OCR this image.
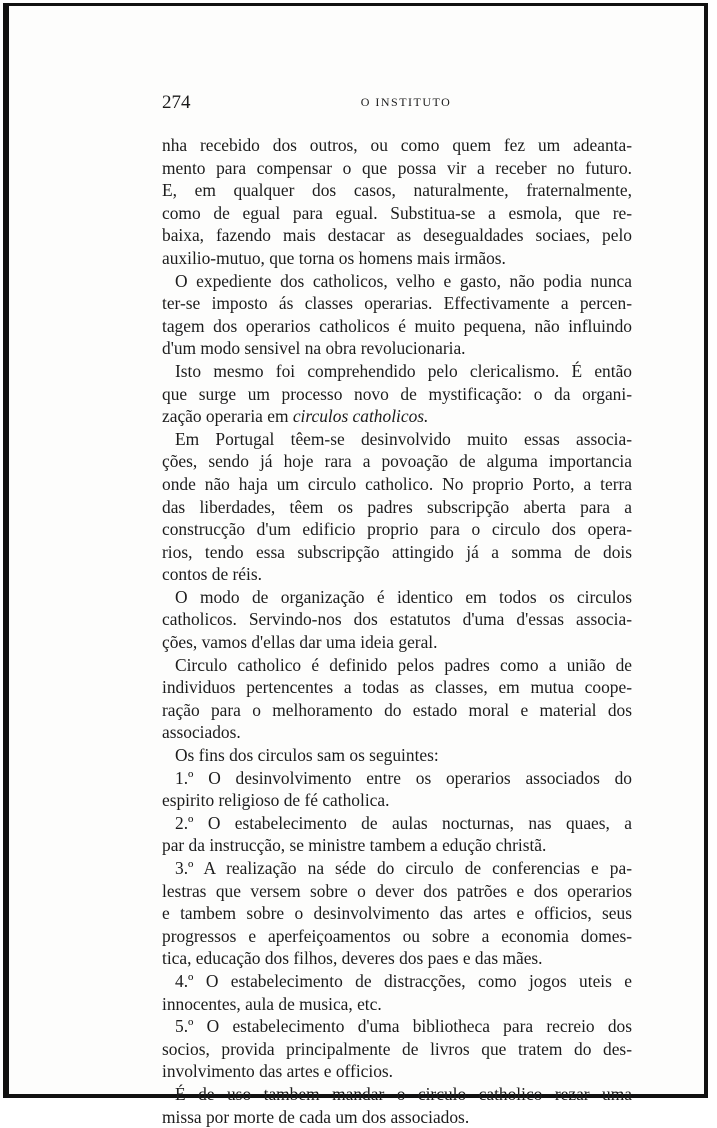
274	O INSTITUTO
nha recebido dos outros, ou como quem fez um adeanta-
mento para compensar o que possa vir a receber no futuro.
E, em qualquer dos casos, naturalmente, fraternalmente,
como de egual para egual. Substitua-se a esmola, que re-
baixa, fazendo mais destacar as desegualdades sociaes, pelo
auxilio-mutuo, que torna os homens mais irmãos.
O expediente dos catholicos, velho e gasto, não podia nunca
ter-se imposto ás classes operarias. Effectivamente a percen-
tagem dos operarios catholicos é muito pequena, não influindo
d'um modo sensivel na obra revolucionaria.
Isto mesmo foi comprehendido pelo clericalismo. É então
que surge um processo novo de mystificação: o da organi-
zação operaria em circulos catholicos.
Em Portugal têem-se desinvolvido muito essas associa-
ções, sendo já hoje rara a povoação de alguma importancia
onde não haja um circulo catholico. No proprio Porto, a terra
das liberdades, têem os padres subscripção aberta para a
construcção d'um edificio proprio para o circulo dos opera-
rios, tendo essa subscripção attingido já a somma de dois
contos de réis.
O modo de organização é identico em todos os circulos
catholicos. Servindo-nos dos estatutos d'uma d'essas associa-
ções, vamos d'ellas dar uma ideia geral.
Circulo catholico é definido pelos padres como a união de
individuos pertencentes a todas as classes, em mutua coope-
ração para o melhoramento do estado moral e material dos
associados.
Os fins dos circulos sam os seguintes:
1.º O desinvolvimento entre os operarios associados do
espirito religioso de fé catholica.
2.º O estabelecimento de aulas nocturnas, nas quaes, a
par da instrucção, se ministre tambem a edução christã.
3.º A realização na séde do circulo de conferencias e pa-
lestras que versem sobre o dever dos patrões e dos operarios
e tambem sobre o desinvolvimento das artes e officios, seus
progressos e aperfeiçoamentos ou sobre a economia domes-
tica, educação dos filhos, deveres dos paes e das mães.
4.º O estabelecimento de distracções, como jogos uteis e
innocentes, aula de musica, etc.
5.º O estabelecimento d'uma bibliotheca para recreio dos
socios, provida principalmente de livros que tratem do des-
involvimento das artes e officios.
É de uso tambem mandar o circulo catholico rezar uma
missa por morte de cada um dos associados.
